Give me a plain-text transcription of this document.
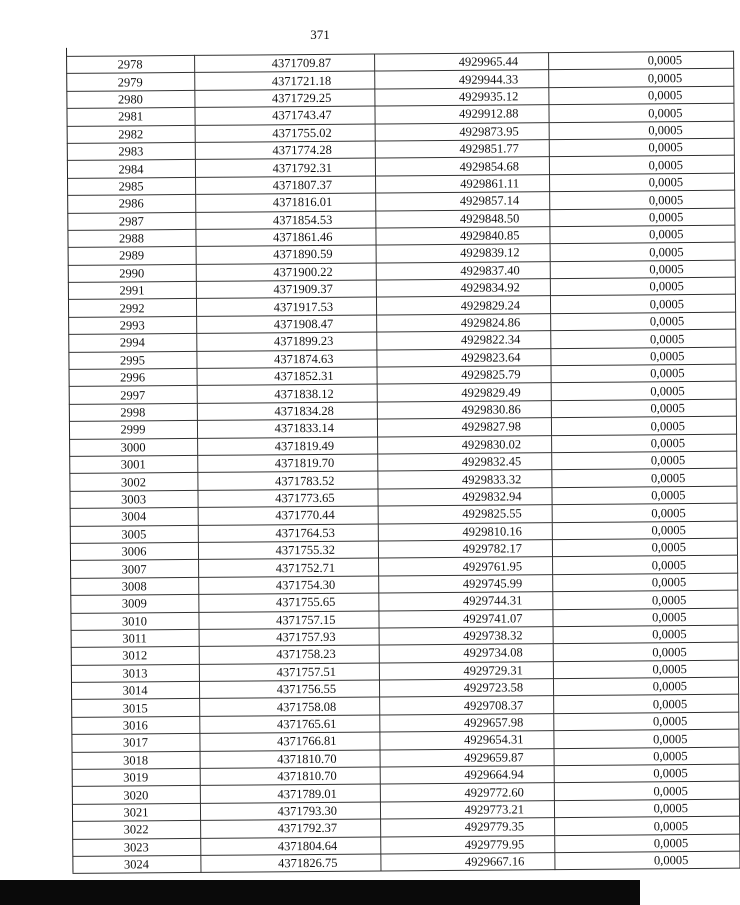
371
2978	4371709.87	4929965.44	0,0005
2979	4371721.18	4929944.33	0,0005
2980	4371729.25	4929935.12	0,0005
2981	4371743.47	4929912.88	0,0005
2982	4371755.02	4929873.95	0,0005
2983	4371774.28	4929851.77	0,0005
2984	4371792.31	4929854.68	0,0005
2985	4371807.37	4929861.11	0,0005
2986	4371816.01	4929857.14	0,0005
2987	4371854.53	4929848.50	0,0005
2988	4371861.46	4929840.85	0,0005
2989	4371890.59	4929839.12	0,0005
2990	4371900.22	4929837.40	0,0005
2991	4371909.37	4929834.92	0,0005
2992	4371917.53	4929829.24	0,0005
2993	4371908.47	4929824.86	0,0005
2994	4371899.23	4929822.34	0,0005
2995	4371874.63	4929823.64	0,0005
2996	4371852.31	4929825.79	0,0005
2997	4371838.12	4929829.49	0,0005
2998	4371834.28	4929830.86	0,0005
2999	4371833.14	4929827.98	0,0005
3000	4371819.49	4929830.02	0,0005
3001	4371819.70	4929832.45	0,0005
3002	4371783.52	4929833.32	0,0005
3003	4371773.65	4929832.94	0,0005
3004	4371770.44	4929825.55	0,0005
3005	4371764.53	4929810.16	0,0005
3006	4371755.32	4929782.17	0,0005
3007	4371752.71	4929761.95	0,0005
3008	4371754.30	4929745.99	0,0005
3009	4371755.65	4929744.31	0,0005
3010	4371757.15	4929741.07	0,0005
3011	4371757.93	4929738.32	0,0005
3012	4371758.23	4929734.08	0,0005
3013	4371757.51	4929729.31	0,0005
3014	4371756.55	4929723.58	0,0005
3015	4371758.08	4929708.37	0,0005
3016	4371765.61	4929657.98	0,0005
3017	4371766.81	4929654.31	0,0005
3018	4371810.70	4929659.87	0,0005
3019	4371810.70	4929664.94	0,0005
3020	4371789.01	4929772.60	0,0005
3021	4371793.30	4929773.21	0,0005
3022	4371792.37	4929779.35	0,0005
3023	4371804.64	4929779.95	0,0005
3024	4371826.75	4929667.16	0,0005
